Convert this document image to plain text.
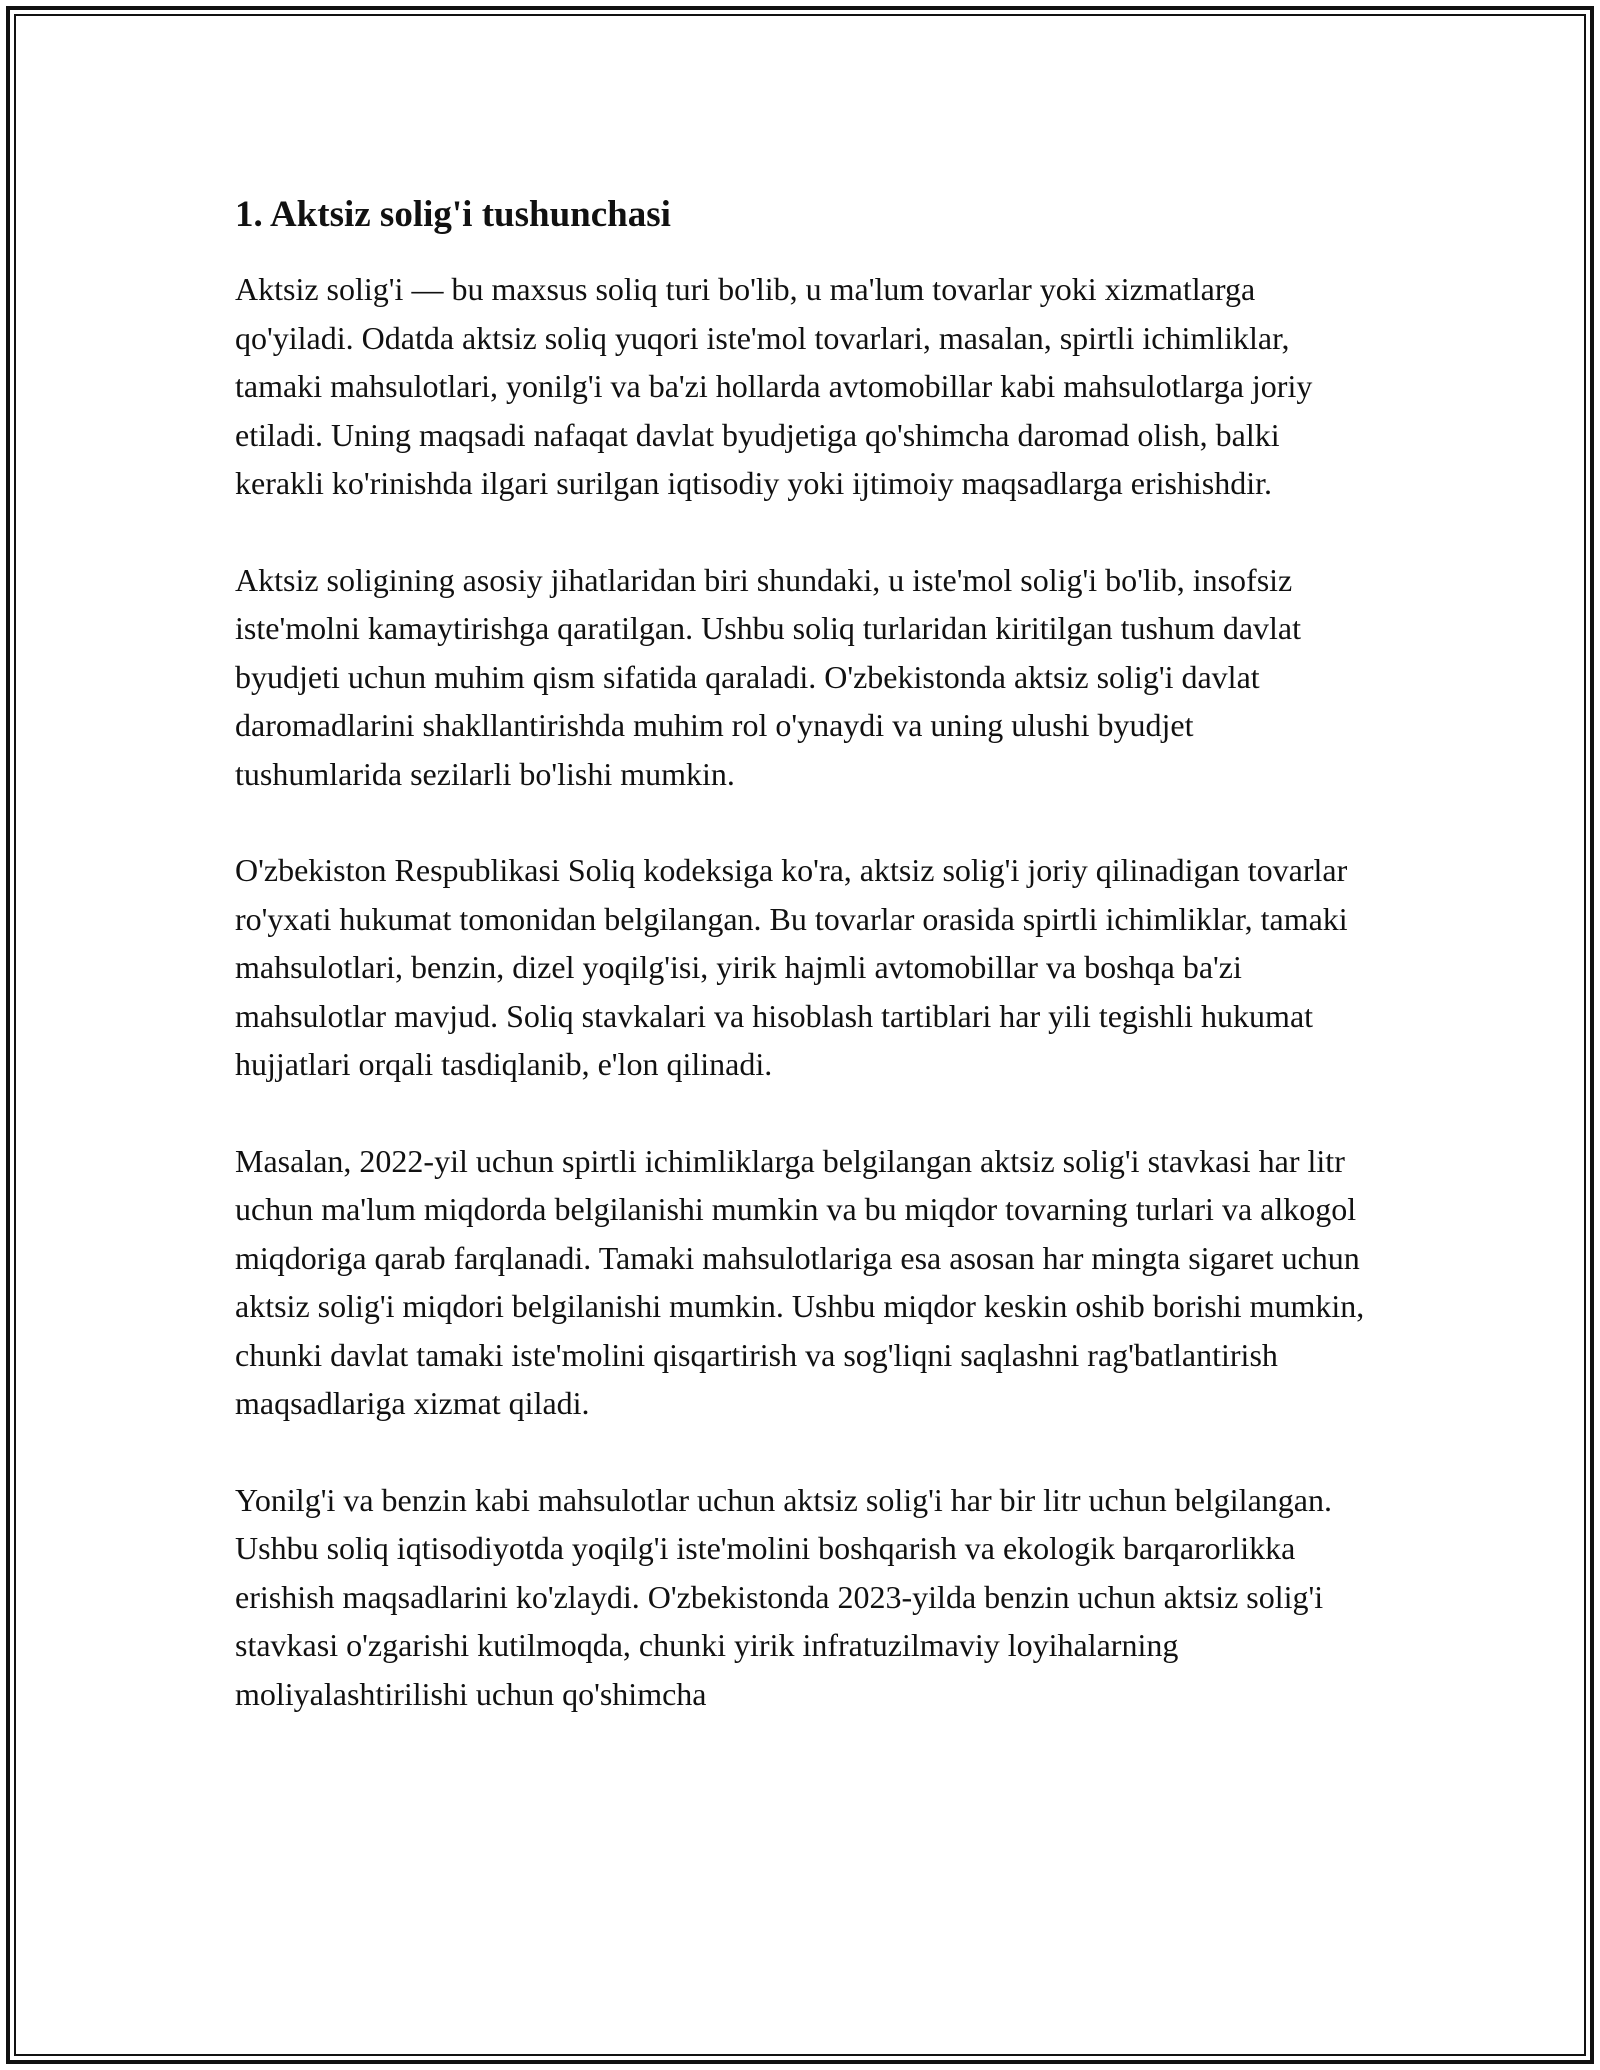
1. Aktsiz solig'i tushunchasi

Aktsiz solig'i — bu maxsus soliq turi bo'lib, u ma'lum tovarlar yoki xizmatlarga qo'yiladi. Odatda aktsiz soliq yuqori iste'mol tovarlari, masalan, spirtli ichimliklar, tamaki mahsulotlari, yonilg'i va ba'zi hollarda avtomobillar kabi mahsulotlarga joriy etiladi. Uning maqsadi nafaqat davlat byudjetiga qo'shimcha daromad olish, balki kerakli ko'rinishda ilgari surilgan iqtisodiy yoki ijtimoiy maqsadlarga erishishdir.

Aktsiz soligining asosiy jihatlaridan biri shundaki, u iste'mol solig'i bo'lib, insofsiz iste'molni kamaytirishga qaratilgan. Ushbu soliq turlaridan kiritilgan tushum davlat byudjeti uchun muhim qism sifatida qaraladi. O'zbekistonda aktsiz solig'i davlat daromadlarini shakllantirishda muhim rol o'ynaydi va uning ulushi byudjet tushumlarida sezilarli bo'lishi mumkin.

O'zbekiston Respublikasi Soliq kodeksiga ko'ra, aktsiz solig'i joriy qilinadigan tovarlar ro'yxati hukumat tomonidan belgilangan. Bu tovarlar orasida spirtli ichimliklar, tamaki mahsulotlari, benzin, dizel yoqilg'isi, yirik hajmli avtomobillar va boshqa ba'zi mahsulotlar mavjud. Soliq stavkalari va hisoblash tartiblari har yili tegishli hukumat hujjatlari orqali tasdiqlanib, e'lon qilinadi.

Masalan, 2022-yil uchun spirtli ichimliklarga belgilangan aktsiz solig'i stavkasi har litr uchun ma'lum miqdorda belgilanishi mumkin va bu miqdor tovarning turlari va alkogol miqdoriga qarab farqlanadi. Tamaki mahsulotlariga esa asosan har mingta sigaret uchun aktsiz solig'i miqdori belgilanishi mumkin. Ushbu miqdor keskin oshib borishi mumkin, chunki davlat tamaki iste'molini qisqartirish va sog'liqni saqlashni rag'batlantirish maqsadlariga xizmat qiladi.

Yonilg'i va benzin kabi mahsulotlar uchun aktsiz solig'i har bir litr uchun belgilangan. Ushbu soliq iqtisodiyotda yoqilg'i iste'molini boshqarish va ekologik barqarorlikka erishish maqsadlarini ko'zlaydi. O'zbekistonda 2023-yilda benzin uchun aktsiz solig'i stavkasi o'zgarishi kutilmoqda, chunki yirik infratuzilmaviy loyihalarning moliyalashtirilishi uchun qo'shimcha
